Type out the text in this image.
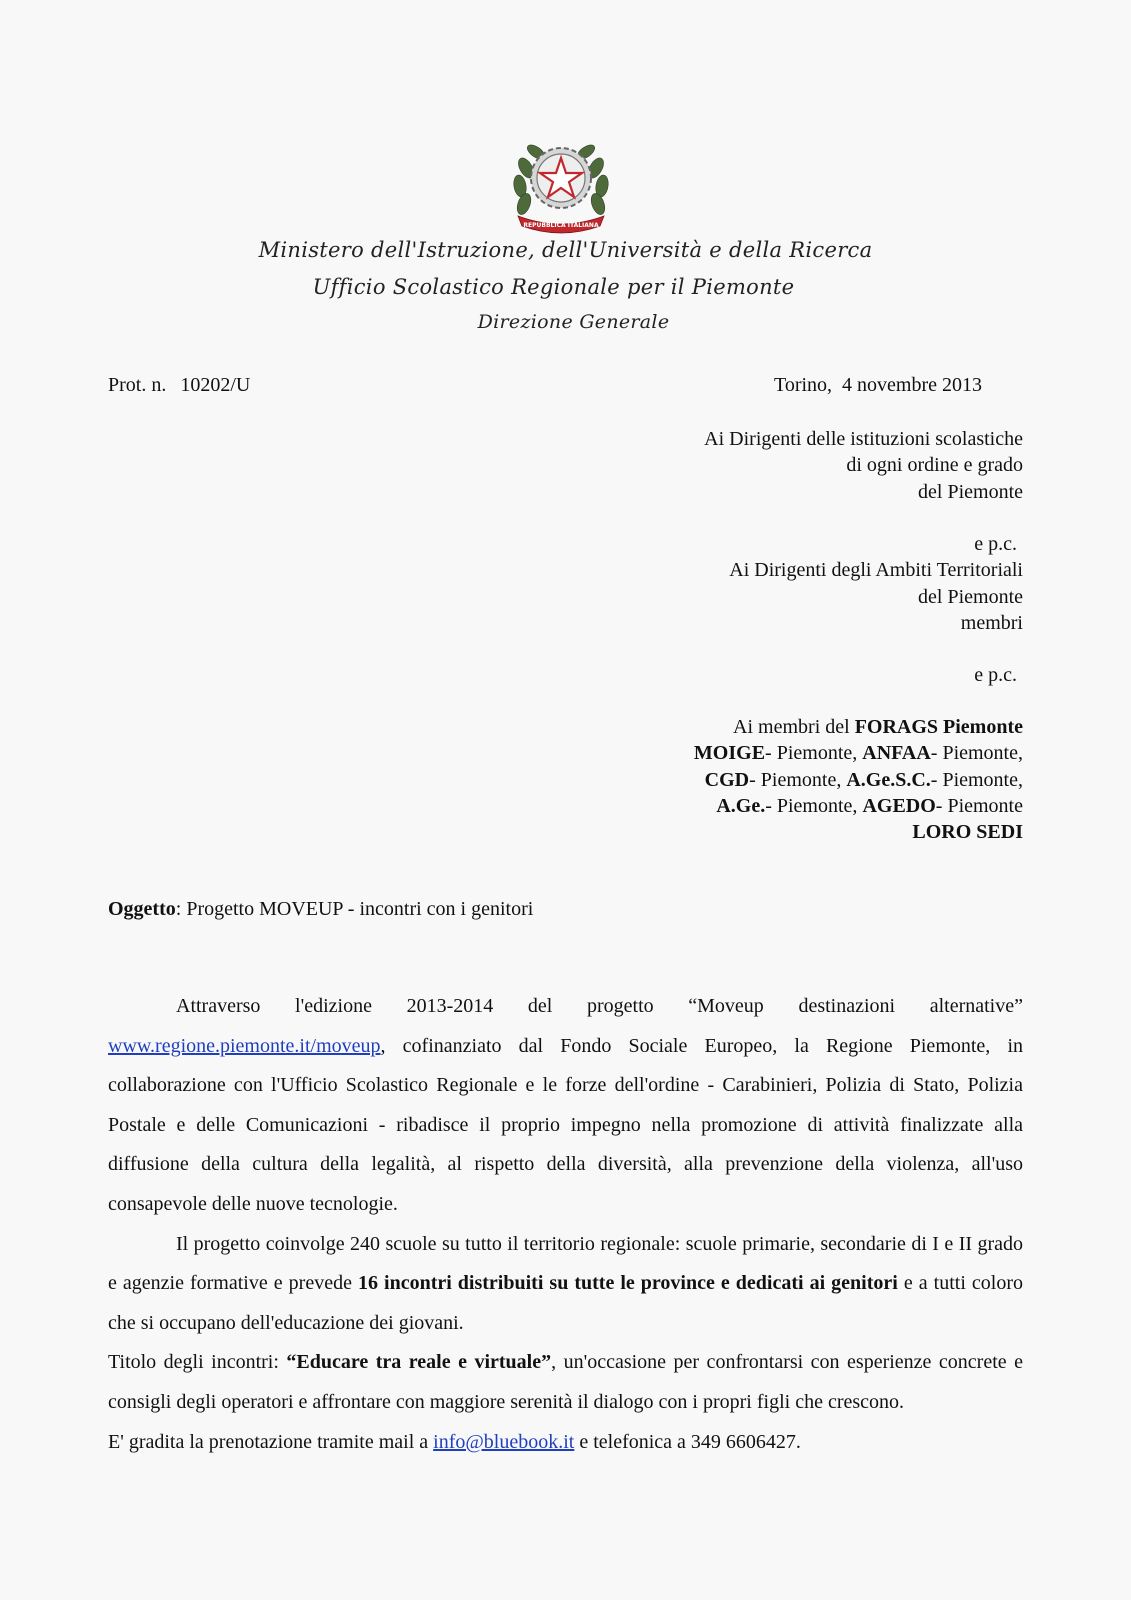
REPUBBLICA ITALIANA
Ministero dell'Istruzione, dell'Università e della Ricerca
Ufficio Scolastico Regionale per il Piemonte
Direzione Generale
Prot. n. 10202/U	Torino,  4 novembre 2013
Ai Dirigenti delle istituzioni scolastiche
di ogni ordine e grado
del Piemonte
e p.c.
Ai Dirigenti degli Ambiti Territoriali
del Piemonte
membri
e p.c.
Ai membri del FORAGS Piemonte
MOIGE- Piemonte, ANFAA- Piemonte,
CGD- Piemonte, A.Ge.S.C.- Piemonte,
A.Ge.- Piemonte, AGEDO- Piemonte
LORO SEDI
Oggetto: Progetto MOVEUP - incontri con i genitori

Attraverso l'edizione 2013-2014 del progetto “Moveup destinazioni alternative” www.regione.piemonte.it/moveup, cofinanziato dal Fondo Sociale Europeo, la Regione Piemonte, in collaborazione con l'Ufficio Scolastico Regionale e le forze dell'ordine - Carabinieri, Polizia di Stato, Polizia Postale e delle Comunicazioni - ribadisce il proprio impegno nella promozione di attività finalizzate alla diffusione della cultura della legalità, al rispetto della diversità, alla prevenzione della violenza, all'uso consapevole delle nuove tecnologie.

Il progetto coinvolge 240 scuole su tutto il territorio regionale: scuole primarie, secondarie di I e II grado e agenzie formative e prevede 16 incontri distribuiti su tutte le province e dedicati ai genitori e a tutti coloro che si occupano dell'educazione dei giovani.

Titolo degli incontri: “Educare tra reale e virtuale”, un'occasione per confrontarsi con esperienze concrete e consigli degli operatori e affrontare con maggiore serenità il dialogo con i propri figli che crescono.

E' gradita la prenotazione tramite mail a info@bluebook.it e telefonica a 349 6606427.
